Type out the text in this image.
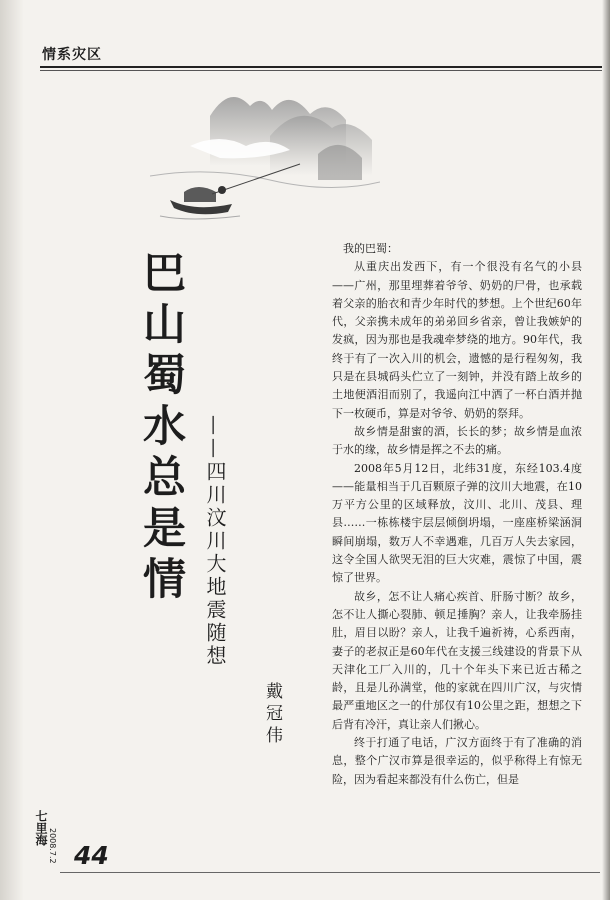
情系灾区
巴山蜀水总是情 ——四川汶川大地震随想
戴冠伟

我的巴蜀：

从重庆出发西下，有一个很没有名气的小县——广州，那里埋葬着爷爷、奶奶的尸骨，也承载着父亲的胎衣和青少年时代的梦想。上个世纪60年代，父亲携未成年的弟弟回乡省亲，曾让我嫉妒的发疯，因为那也是我魂牵梦绕的地方。90年代，我终于有了一次入川的机会，遗憾的是行程匆匆，我只是在县城码头伫立了一刻钟，并没有踏上故乡的土地便酒泪而别了，我遥向江中洒了一杯白酒并抛下一枚硬币，算是对爷爷、奶奶的祭拜。

故乡情是甜蜜的酒，长长的梦；故乡情是血浓于水的缘，故乡情是挥之不去的痛。

2008年5月12日，北纬31度，东经103.4度——能量相当于几百颗原子弹的汶川大地震，在10万平方公里的区域释放，汶川、北川、茂县、理县……一栋栋楼宇层层倾倒坍塌，一座座桥梁涵洞瞬间崩塌，数万人不幸遇难，几百万人失去家园，这令全国人欲哭无泪的巨大灾难，震惊了中国，震惊了世界。

故乡，怎不让人痛心疾首、肝肠寸断？故乡，怎不让人撕心裂肺、顿足捶胸？亲人，让我牵肠挂肚，眉目以盼？亲人，让我千遍祈祷，心系西南，妻子的老叔正是60年代在支援三线建设的背景下从天津化工厂入川的，几十个年头下来已近古稀之龄，且是儿孙满堂，他的家就在四川广汉，与灾情最严重地区之一的什邡仅有10公里之距，想想之下后背有冷汗，真让亲人们揪心。

终于打通了电话，广汉方面终于有了准确的消息，整个广汉市算是很幸运的，似乎称得上有惊无险，因为看起来都没有什么伤亡，但是

七里海 2008.7.2 44
